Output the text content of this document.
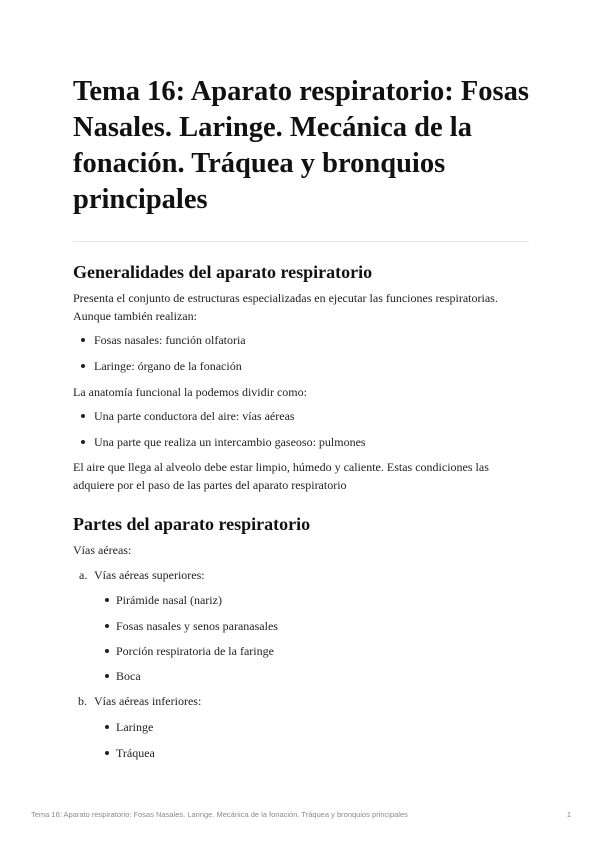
Tema 16: Aparato respiratorio: Fosas Nasales. Laringe. Mecánica de la fonación. Tráquea y bronquios principales
Generalidades del aparato respiratorio

Presenta el conjunto de estructuras especializadas en ejecutar las funciones respiratorias. Aunque también realizan:

Fosas nasales: función olfatoria
Laringe: órgano de la fonación

La anatomía funcional la podemos dividir como:

Una parte conductora del aire: vías aéreas
Una parte que realiza un intercambio gaseoso: pulmones

El aire que llega al alveolo debe estar limpio, húmedo y caliente. Estas condiciones las adquiere por el paso de las partes del aparato respiratorio

Partes del aparato respiratorio

Vías aéreas:

a. Vías aéreas superiores:
Pirámide nasal (nariz)
Fosas nasales y senos paranasales
Porción respiratoria de la faringe
Boca
b. Vías aéreas inferiores:
Laringe
Tráquea
Tema 16: Aparato respiratorio: Fosas Nasales. Laringe. Mecánica de la fonación. Tráquea y bronquios principales	1
